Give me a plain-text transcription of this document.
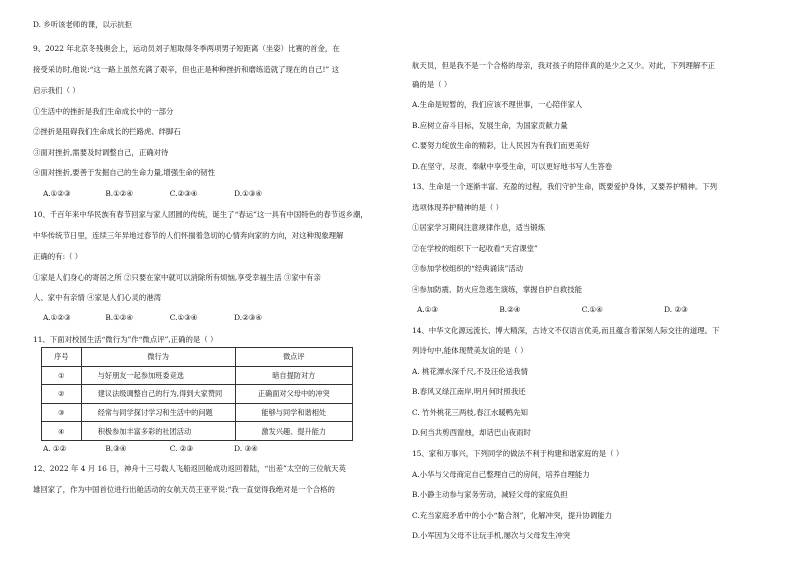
D. 乡听该老师的课，以示抗拒
9、2022 年北京冬残奥会上，运动员刘子旭取得冬季两项男子短距离（坐姿）比赛的首金，在
接受采访时,他说:“这一路上虽然充满了艰辛，但也正是种种挫折和磨练造就了现在的自己!” 这
启示我们（ ）
①生活中的挫折是我们生命成长中的一部分
②挫折是阻碍我们生命成长的拦路虎、绊脚石
③面对挫折,需要及时调整自己，正确对待
④面对挫折,要善于发掘自己的生命力量,增强生命的韧性
A.①②③	B.①②④	C.②③④	D.①③④
10、千百年来中华民族有春节回家与家人团圆的传统，诞生了“春运”这一具有中国特色的春节返乡潮，
中华传统节日里，连续三年异地过春节的人们怀揣着急切的心情奔向家的方向，对这种现象理解
正确的有:（ ）
①家是人们身心的寄居之所 ②只要在家中就可以消除所有烦恼,享受幸福生活 ③家中有亲
人、家中有亲情 ④家是人们心灵的港湾
A.①②③	B.①②④	C.①③④	D.②③④
11、下面对校园生活“微行为”作“微点评”,正确的是（ ）
序号	微行为	微点评
①	与好朋友一起参加班委竞选	暗自提防对方
②	建议法级调整自己的行为,得到大家赞同	正确面对父母中的冲突
③	经常与同学探讨学习和生活中的问题	能够与同学和谐相处
④	积极参加丰富多彩的社团活动	激发兴趣、提升能力
A. ①②	B.③④	C. ②③	D. ③④
12、2022 年 4 月 16 日，神舟十三号载人飞船返回舱成功返回着陆，“出差”太空的三位航天英
雄回家了，作为中国首位进行出舱活动的女航天员王亚平说:“我一直觉得我绝对是一个合格的
航天员，但是我不是一个合格的母亲，我对孩子的陪伴真的是少之又少。对此，下列理解不正
确的是（ ）
A.生命是短暂的，我们应该不理世事，一心陪伴家人
B.应树立奋斗目标，发展生命，为国家贡献力量
C.要努力绽放生命的精彩，让人民因为有我们而更美好
D.在坚守、尽责、奉献中享受生命，可以更好地书写人生答卷
13、生命是一个逐渐丰富、充盈的过程，我们守护生命，既要爱护身体，又要养护精神。下列
选项体现养护精神的是（ ）
①居家学习期间注意规律作息，适当锻炼
②在学校的组织下一起收看“天宫课堂”
③参加学校组织的“经典诵读”活动
④参加防震、防火应急逃生演练，掌握自护自救技能
A.①③	B.②④	C.①④	D. ②③
14、中华文化源远流长、博大精深，古诗文不仅语言优美,而且蕴含着深刻人际交往的道理。下
列诗句中,能体现赞美友谊的是（ ）
A. 桃花潭水深千尺,不及汪伦送我情
B.春风又绿江南岸,明月何时照我还
C. 竹外桃花三两枝,春江水暖鸭先知
D.何当共剪西窗烛，却话巴山夜雨时
15、家和万事兴，下列同学的做法不利于构建和谐家庭的是（ ）
A.小华与父母商定自己整理自己的房间，培养自理能力
B.小静主动参与家务劳动，减轻父母的家庭负担
C.充当家庭矛盾中的小小“黏合剂”，化解冲突，提升协调能力
D.小军因为父母不让玩手机,屡次与父母发生冲突
